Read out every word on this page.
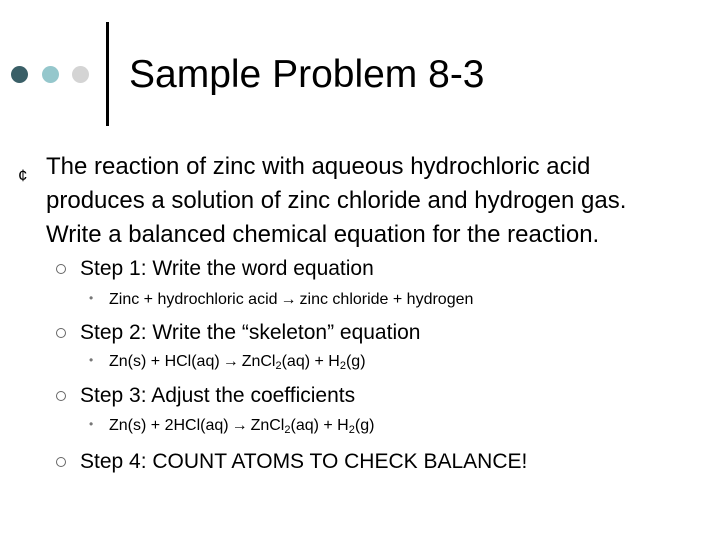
Sample Problem 8-3
¢ The reaction of zinc with aqueous hydrochloric acid
produces a solution of zinc chloride and hydrogen gas.
Write a balanced chemical equation for the reaction.
Step 1: Write the word equation
• Zinc + hydrochloric acid → zinc chloride + hydrogen
Step 2: Write the “skeleton” equation
• Zn(s) + HCl(aq) → ZnCl$_2$(aq) + $H_2(g)$
Step 3: Adjust the coefficients
• Zn(s) + 2HCl(aq) → ZnCl$_2$(aq) + $H_2(g)$
Step 4: COUNT ATOMS TO CHECK BALANCE!
